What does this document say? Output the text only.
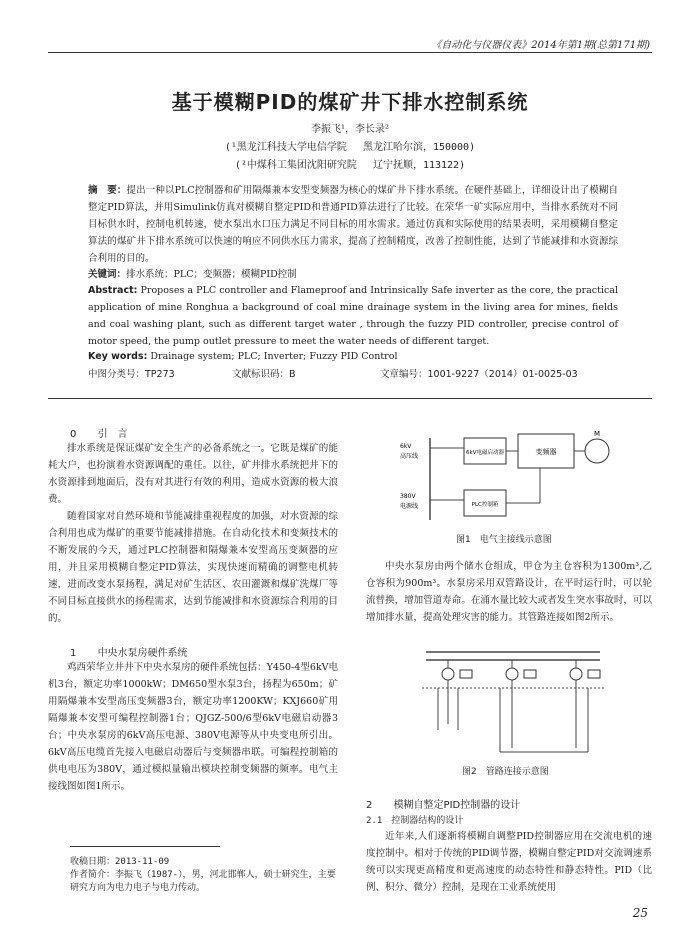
《自动化与仪器仪表》2014年第1期(总第171期)
基于模糊PID的煤矿井下排水控制系统
李振飞¹，李长录²
(¹黑龙江科技大学电信学院　 黑龙江哈尔滨，150000)
(²中煤科工集团沈阳研究院　 辽宁抚顺，113122)
摘　要：提出一种以PLC控制器和矿用隔爆兼本安型变频器为核心的煤矿井下排水系统。在硬件基础上，详细设计出了模糊自整定PID算法，并用Simulink仿真对模糊自整定PID和普通PID算法进行了比较。在荣华一矿实际应用中，当排水系统对不同目标供水时，控制电机转速，使水泵出水口压力满足不同目标的用水需求。通过仿真和实际使用的结果表明，采用模糊自整定算法的煤矿井下排水系统可以快速的响应不同供水压力需求，提高了控制精度，改善了控制性能，达到了节能减排和水资源综合利用的目的。
关键词：排水系统；PLC；变频器；模糊PID控制
Abstract: Proposes a PLC controller and Flameproof and Intrinsically Safe inverter as the core, the practical application of mine Ronghua a background of coal mine drainage system in the living area for mines, fields and coal washing plant, such as different target water , through the fuzzy PID controller, precise control of motor speed, the pump outlet pressure to meet the water needs of different target.
Key words: Drainage system; PLC; Inverter; Fuzzy PID Control
中图分类号：TP273	文献标识码：B	文章编号：1001-9227（2014）01-0025-03
0 引　言

排水系统是保证煤矿安全生产的必备系统之一。它既是煤矿的能耗大户，也扮演着水资源调配的重任。以往，矿井排水系统把井下的水资源排到地面后，没有对其进行有效的利用，造成水资源的极大浪费。

随着国家对自然环境和节能减排重视程度的加强，对水资源的综合利用也成为煤矿的重要节能减排措施。在自动化技术和变频技术的不断发展的今天，通过PLC控制器和隔爆兼本安型高压变频器的应用，并且采用模糊自整定PID算法，实现快速而精确的调整电机转速，进而改变水泵扬程，满足对矿生活区、农田灌溉和煤矿洗煤厂等不同目标直接供水的扬程需求，达到节能减排和水资源综合利用的目的。

1 中央水泵房硬件系统

鸡西荣华立井井下中央水泵房的硬件系统包括：Y450-4型6kV电机3台，额定功率1000kW；DM650型水泵3台，扬程为650m；矿用隔爆兼本安型高压变频器3台，额定功率1200KW；KXJ660矿用隔爆兼本安型可编程控制器1台；QJGZ-500/6型6kV电磁启动器3台；中央水泵房的6kV高压电源、380V电源等从中央变电所引出。6kV高压电缆首先接入电磁启动器后与变频器串联。可编程控制箱的供电电压为380V，通过模拟量输出模块控制变频器的频率。电气主接线图如图1所示。

收稿日期：2013-11-09
作者简介：李振飞（1987-），男，河北邯郸人，硕士研究生，主要研究方向为电力电子与电力传动。
6kV
高压线
380V
电源线
6kV电磁启动器	变频器
PLC控制箱
M
图1　电气主接线示意图

中央水泵房由两个储水仓组成，甲仓为主仓容积为1300m³,乙仓容积为900m³。水泵房采用双管路设计，在平时运行时，可以轮流替换，增加管道寿命。在涌水量比较大或者发生突水事故时，可以增加排水量，提高处理灾害的能力。其管路连接如图2所示。

图2　管路连接示意图
2 模糊自整定PID控制器的设计
2.1　控制器结构的设计

近年来,人们逐渐将模糊自调整PID控制器应用在交流电机的速度控制中。相对于传统的PID调节器，模糊自整定PID对交流调速系统可以实现更高精度和更高速度的动态特性和静态特性。PID（比例、积分、微分）控制，是现在工业系统使用

25
